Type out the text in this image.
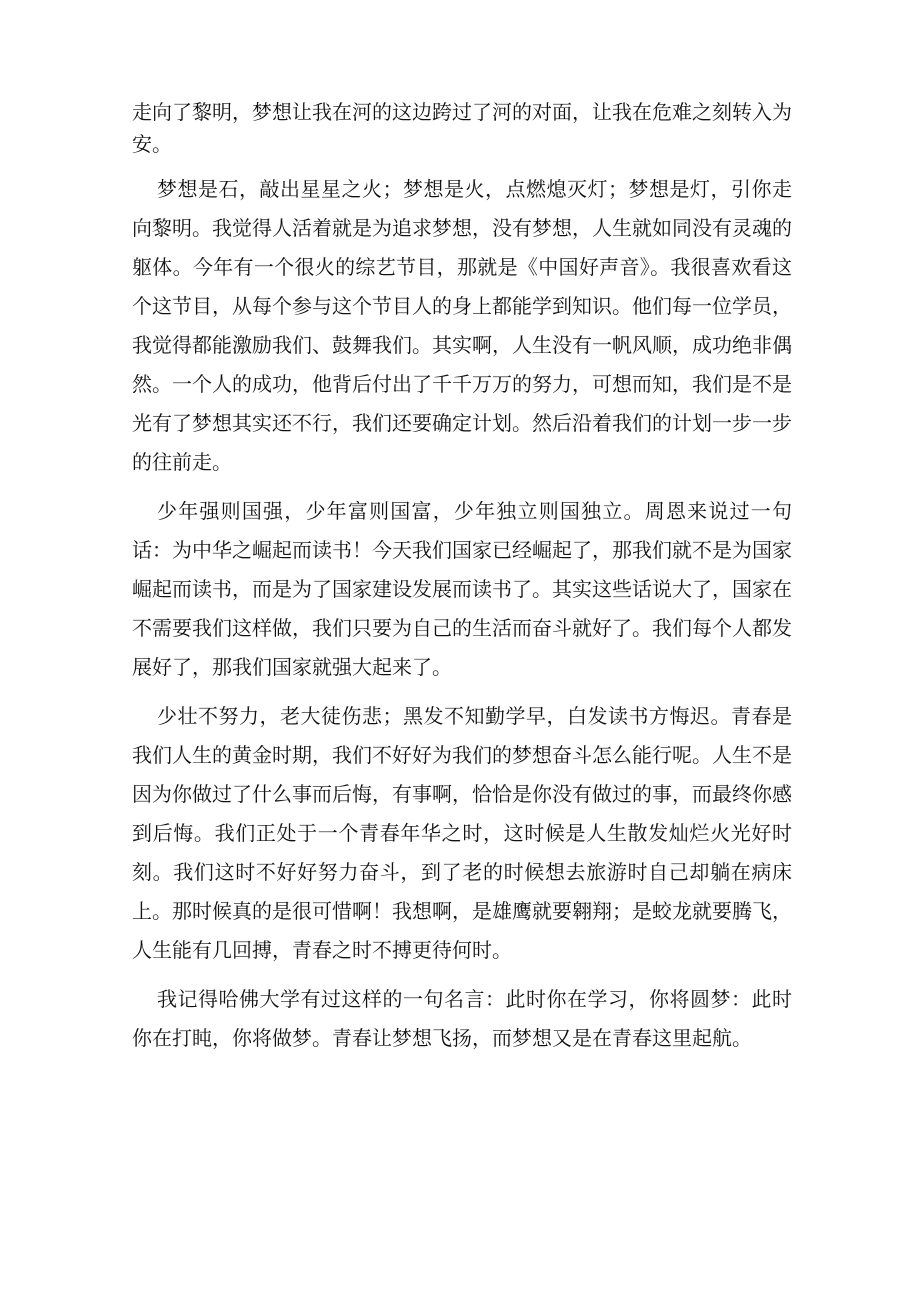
走向了黎明，梦想让我在河的这边跨过了河的对面，让我在危难之刻转入为安。

梦想是石，敲出星星之火；梦想是火，点燃熄灭灯；梦想是灯，引你走向黎明。我觉得人活着就是为追求梦想，没有梦想，人生就如同没有灵魂的躯体。今年有一个很火的综艺节目，那就是《中国好声音》。我很喜欢看这个这节目，从每个参与这个节目人的身上都能学到知识。他们每一位学员，我觉得都能激励我们、鼓舞我们。其实啊，人生没有一帆风顺，成功绝非偶然。一个人的成功，他背后付出了千千万万的努力，可想而知，我们是不是光有了梦想其实还不行，我们还要确定计划。然后沿着我们的计划一步一步的往前走。

少年强则国强，少年富则国富，少年独立则国独立。周恩来说过一句话：为中华之崛起而读书！今天我们国家已经崛起了，那我们就不是为国家崛起而读书，而是为了国家建设发展而读书了。其实这些话说大了，国家在不需要我们这样做，我们只要为自己的生活而奋斗就好了。我们每个人都发展好了，那我们国家就强大起来了。

少壮不努力，老大徒伤悲；黑发不知勤学早，白发读书方悔迟。青春是我们人生的黄金时期，我们不好好为我们的梦想奋斗怎么能行呢。人生不是因为你做过了什么事而后悔，有事啊，恰恰是你没有做过的事，而最终你感到后悔。我们正处于一个青春年华之时，这时候是人生散发灿烂火光好时刻。我们这时不好好努力奋斗，到了老的时候想去旅游时自己却躺在病床上。那时候真的是很可惜啊！我想啊，是雄鹰就要翱翔；是蛟龙就要腾飞，人生能有几回搏，青春之时不搏更待何时。

我记得哈佛大学有过这样的一句名言：此时你在学习，你将圆梦：此时你在打盹，你将做梦。青春让梦想飞扬，而梦想又是在青春这里起航。
